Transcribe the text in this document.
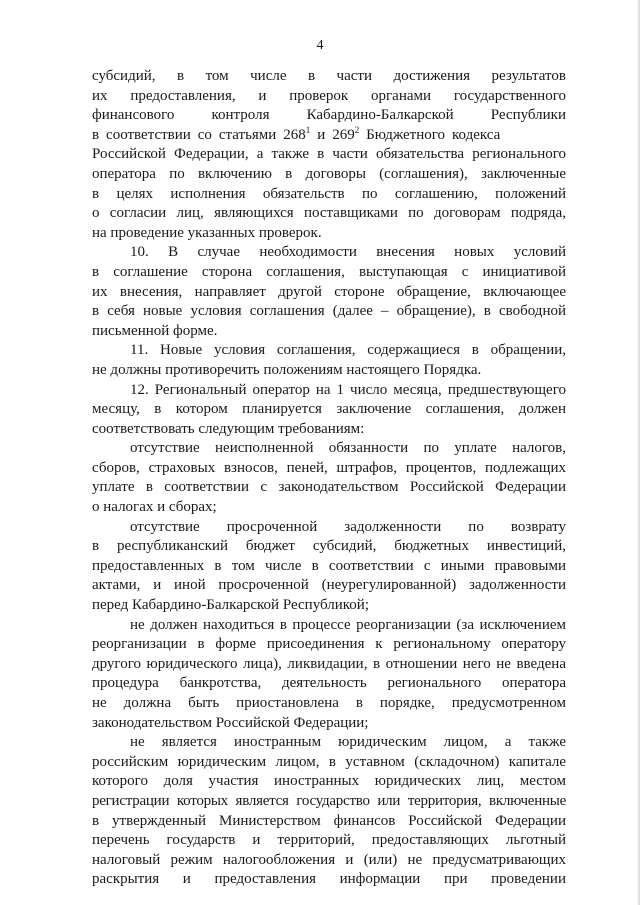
4
субсидий, в том числе в части достижения результатов
их предоставления, и проверок органами государственного
финансового контроля Кабардино-Балкарской Республики
в соответствии со статьями $268^1$ и $269^2$ Бюджетного кодекса
Российской Федерации, а также в части обязательства регионального
оператора по включению в договоры (соглашения), заключенные
в целях исполнения обязательств по соглашению, положений
о согласии лиц, являющихся поставщиками по договорам подряда,
на проведение указанных проверок.
10. В случае необходимости внесения новых условий
в соглашение сторона соглашения, выступающая с инициативой
их внесения, направляет другой стороне обращение, включающее
в себя новые условия соглашения (далее – обращение), в свободной
письменной форме.
11. Новые условия соглашения, содержащиеся в обращении,
не должны противоречить положениям настоящего Порядка.
12. Региональный оператор на 1 число месяца, предшествующего
месяцу, в котором планируется заключение соглашения, должен
соответствовать следующим требованиям:
отсутствие неисполненной обязанности по уплате налогов,
сборов, страховых взносов, пеней, штрафов, процентов, подлежащих
уплате в соответствии с законодательством Российской Федерации
о налогах и сборах;
отсутствие просроченной задолженности по возврату
в республиканский бюджет субсидий, бюджетных инвестиций,
предоставленных в том числе в соответствии с иными правовыми
актами, и иной просроченной (неурегулированной) задолженности
перед Кабардино-Балкарской Республикой;
не должен находиться в процессе реорганизации (за исключением
реорганизации в форме присоединения к региональному оператору
другого юридического лица), ликвидации, в отношении него не введена
процедура банкротства, деятельность регионального оператора
не должна быть приостановлена в порядке, предусмотренном
законодательством Российской Федерации;
не является иностранным юридическим лицом, а также
российским юридическим лицом, в уставном (складочном) капитале
которого доля участия иностранных юридических лиц, местом
регистрации которых является государство или территория, включенные
в утвержденный Министерством финансов Российской Федерации
перечень государств и территорий, предоставляющих льготный
налоговый режим налогообложения и (или) не предусматривающих
раскрытия и предоставления информации при проведении
